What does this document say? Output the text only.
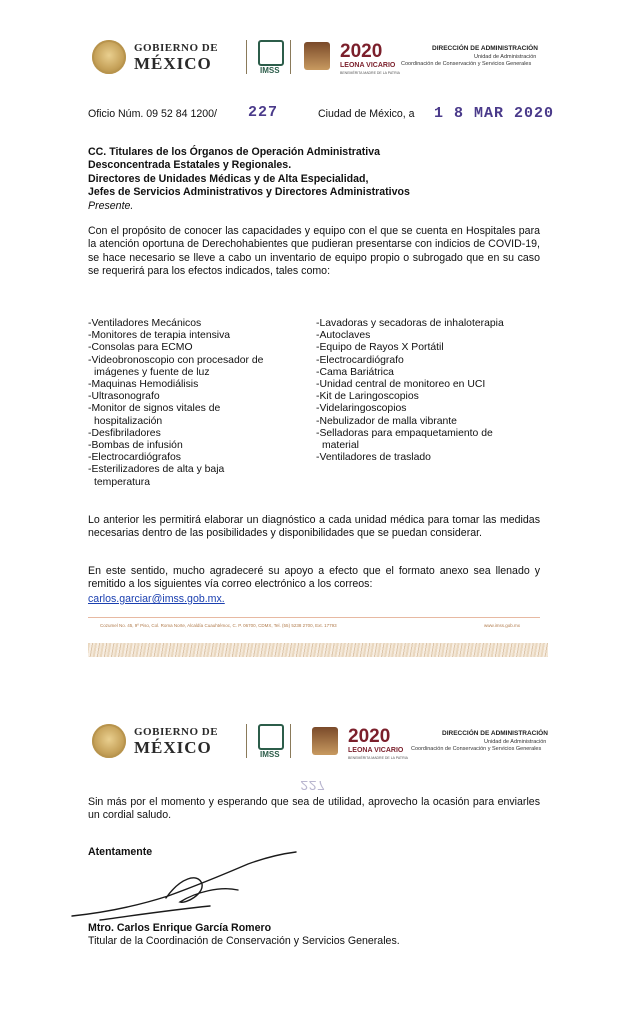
GOBIERNO DE
MÉXICO	IMSS
2020
LEONA VICARIO
BENEMÉRITA MADRE DE LA PATRIA
DIRECCIÓN DE ADMINISTRACIÓN
Unidad de Administración
Coordinación de Conservación y Servicios Generales
Oficio Núm. 09 52 84 1200/ 227	Ciudad de México, a 1 8 MAR 2020
CC. Titulares de los Órganos de Operación Administrativa
Desconcentrada Estatales y Regionales.
Directores de Unidades Médicas y de Alta Especialidad,
Jefes de Servicios Administrativos y Directores Administrativos
Presente.
Con el propósito de conocer las capacidades y equipo con el que se cuenta en Hospitales para la atención oportuna de Derechohabientes que pudieran presentarse con indicios de COVID-19, se hace necesario se lleve a cabo un inventario de equipo propio o subrogado que en su caso se requerirá para los efectos indicados, tales como:
-Ventiladores Mecánicos
-Monitores de terapia intensiva
-Consolas para ECMO
-Videobronoscopio con procesador de
imágenes y fuente de luz
-Maquinas Hemodiálisis
-Ultrasonografo
-Monitor de signos vitales de
hospitalización
-Desfibriladores
-Bombas de infusión
-Electrocardiógrafos
-Esterilizadores de alta y baja
temperatura
-Lavadoras y secadoras de inhaloterapia
-Autoclaves
-Equipo de Rayos X Portátil
-Electrocardiógrafo
-Cama Bariátrica
-Unidad central de monitoreo en UCI
-Kit de Laringoscopios
-Videlaringoscopios
-Nebulizador de malla vibrante
-Selladoras para empaquetamiento de
material
-Ventiladores de traslado
Lo anterior les permitirá elaborar un diagnóstico a cada unidad médica para tomar las medidas necesarias dentro de las posibilidades y disponibilidades que se puedan considerar.
En este sentido, mucho agradeceré su apoyo a efecto que el formato anexo sea llenado y remitido a los siguientes vía correo electrónico a los correos:
carlos.garciar@imss.gob.mx.
Cozumel No. 45, 9º Piso, Col. Roma Norte, Alcaldía Cuauhtémoc, C. P. 06700, CDMX, Tel. (55) 5238 2700, Ext. 17793	www.imss.gob.mx
GOBIERNO DE
MÉXICO	IMSS
2020
LEONA VICARIO
BENEMÉRITA MADRE DE LA PATRIA
DIRECCIÓN DE ADMINISTRACIÓN
Unidad de Administración
Coordinación de Conservación y Servicios Generales
227
Sin más por el momento y esperando que sea de utilidad, aprovecho la ocasión para enviarles un cordial saludo.
Atentamente
Mtro. Carlos Enrique García Romero
Titular de la Coordinación de Conservación y Servicios Generales.
